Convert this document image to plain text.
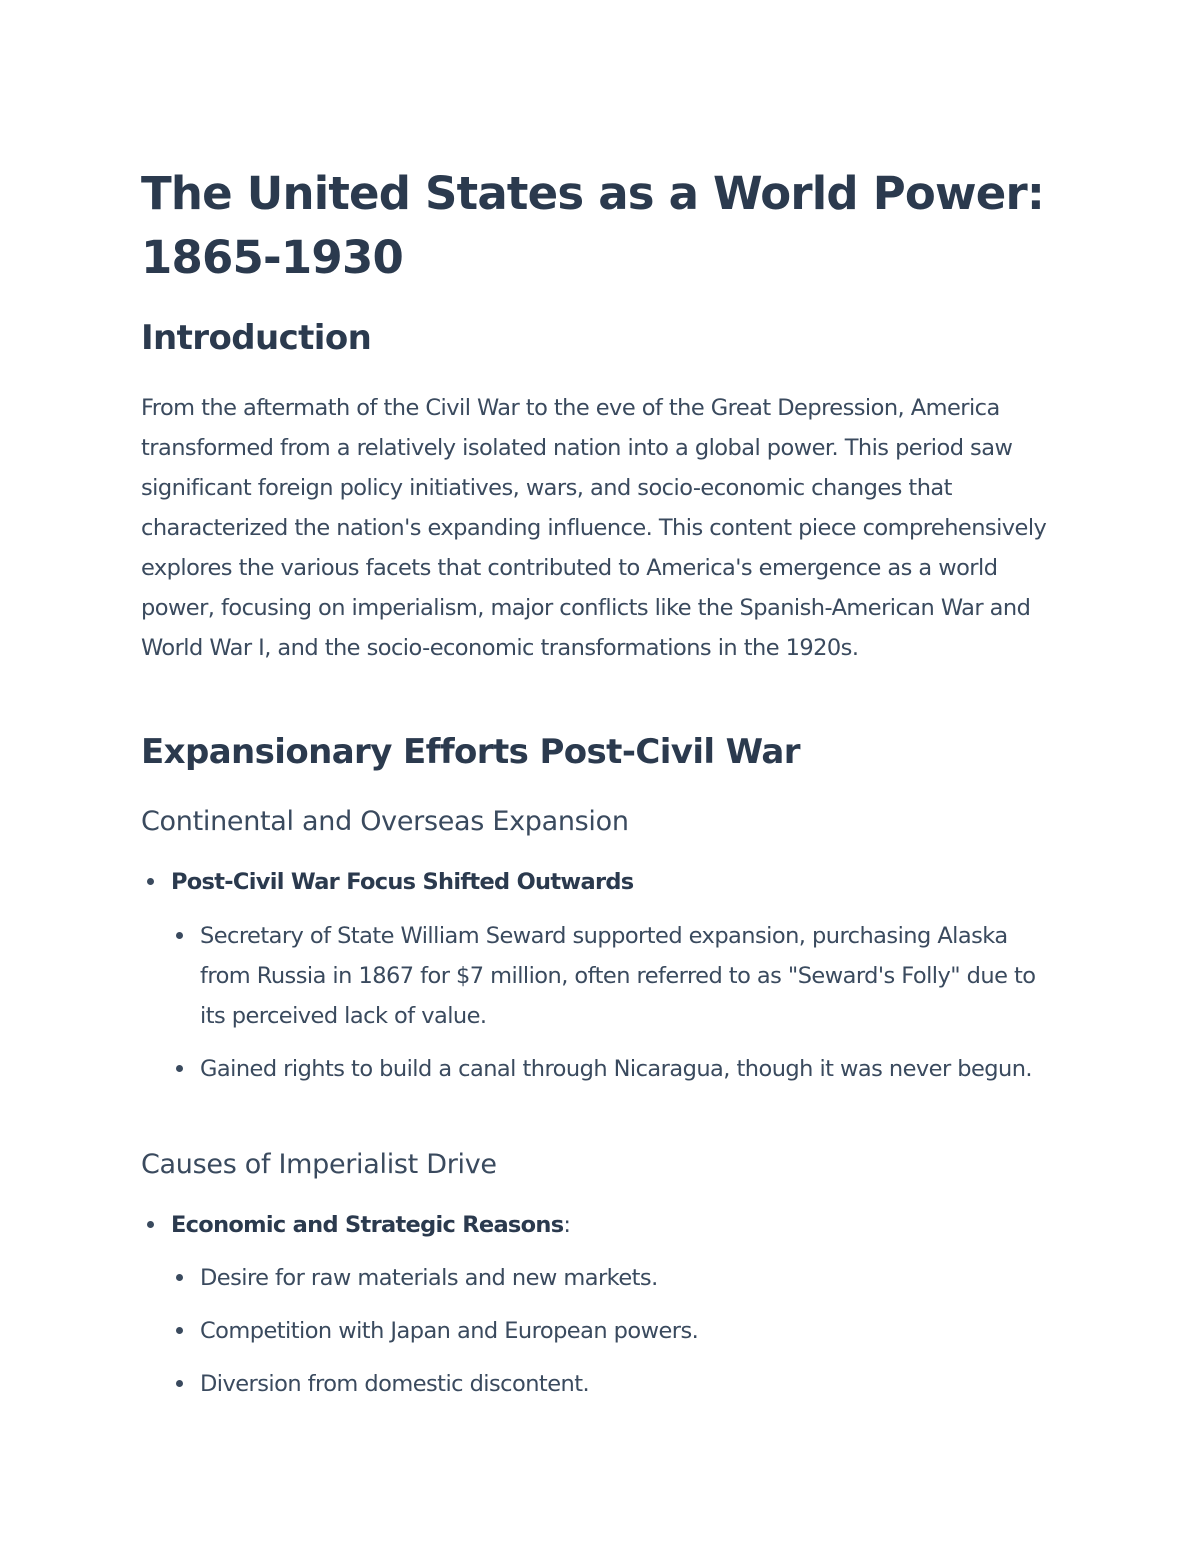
The United States as a World Power: 1865-1930
Introduction

From the aftermath of the Civil War to the eve of the Great Depression, America transformed from a relatively isolated nation into a global power. This period saw significant foreign policy initiatives, wars, and socio-economic changes that characterized the nation's expanding influence. This content piece comprehensively explores the various facets that contributed to America's emergence as a world power, focusing on imperialism, major conflicts like the Spanish-American War and World War I, and the socio-economic transformations in the 1920s.

Expansionary Efforts Post-Civil War
Continental and Overseas Expansion
Post-Civil War Focus Shifted Outwards
Secretary of State William Seward supported expansion, purchasing Alaska from Russia in 1867 for $7 million, often referred to as "Seward's Folly" due to its perceived lack of value.
Gained rights to build a canal through Nicaragua, though it was never begun.
Causes of Imperialist Drive
Economic and Strategic Reasons:
Desire for raw materials and new markets.
Competition with Japan and European powers.
Diversion from domestic discontent.
